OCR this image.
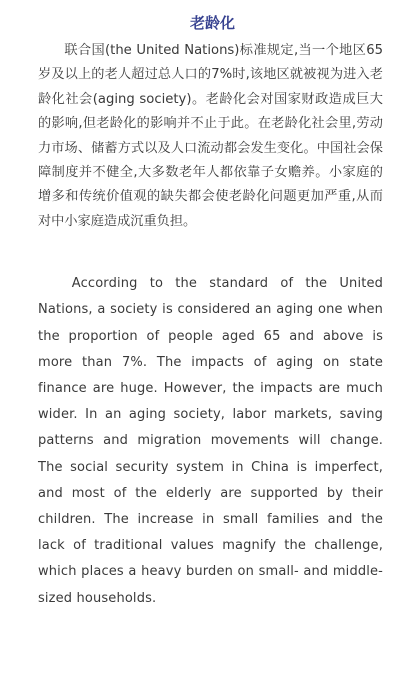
老龄化

联合国(the United Nations)标准规定,当一个地区65岁及以上的老人超过总人口的7%时,该地区就被视为进入老龄化社会(aging society)。老龄化会对国家财政造成巨大的影响,但老龄化的影响并不止于此。在老龄化社会里,劳动力市场、储蓄方式以及人口流动都会发生变化。中国社会保障制度并不健全,大多数老年人都依靠子女赡养。小家庭的增多和传统价值观的缺失都会使老龄化问题更加严重,从而对中小家庭造成沉重负担。

According to the standard of the United Nations, a society is considered an aging one when the proportion of people aged 65 and above is more than 7%. The impacts of aging on state finance are huge. However, the impacts are much wider. In an aging society, labor markets, saving patterns and migration movements will change. The social security system in China is imperfect, and most of the elderly are supported by their children. The increase in small families and the lack of traditional values magnify the challenge, which places a heavy burden on small- and middle-sized households.
